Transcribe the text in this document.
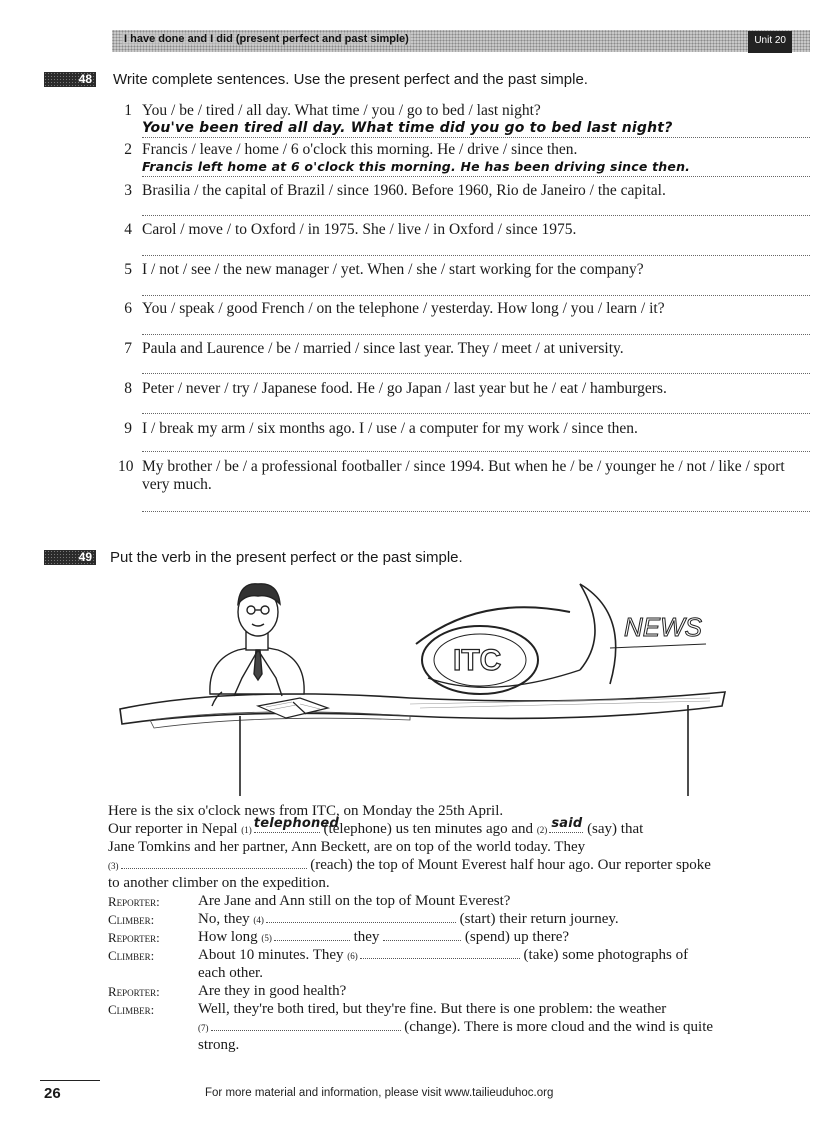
I have done and I did (present perfect and past simple)	Unit 20
48 Write complete sentences. Use the present perfect and the past simple.
1 You / be / tired / all day. What time / you / go to bed / last night?
You've been tired all day. What time did you go to bed last night?
2 Francis / leave / home / 6 o'clock this morning. He / drive / since then.
Francis left home at 6 o'clock this morning. He has been driving since then.
3 Brasilia / the capital of Brazil / since 1960. Before 1960, Rio de Janeiro / the capital.
4 Carol / move / to Oxford / in 1975. She / live / in Oxford / since 1975.
5 I / not / see / the new manager / yet. When / she / start working for the company?
6 You / speak / good French / on the telephone / yesterday. How long / you / learn / it?
7 Paula and Laurence / be / married / since last year. They / meet / at university.
8 Peter / never / try / Japanese food. He / go Japan / last year but he / eat / hamburgers.
9 I / break my arm / six months ago. I / use / a computer for my work / since then.
10 My brother / be / a professional footballer / since 1994. But when he / be / younger he / not / like / sport very much.
49 Put the verb in the present perfect or the past simple.
ITC
NEWS
Here is the six o'clock news from ITC, on Monday the 25th April.
Our reporter in Nepal (1) telephoned
(telephone) us ten minutes ago and (2) said (say) that
Jane Tomkins and her partner, Ann Beckett, are on top of the world today. They
(3)	(reach) the top of Mount Everest half hour ago. Our reporter spoke
to another climber on the expedition.
Reporter:	Are Jane and Ann still on the top of Mount Everest?
Climber:	No, they (4)	(start) their return journey.
Reporter:	How long (5)	they	(spend) up there?
Climber:	About 10 minutes. They (6)	(take) some photographs of
each other.
Reporter:	Are they in good health?
Climber:	Well, they're both tired, but they're fine. But there is one problem: the weather
(7)	(change). There is more cloud and the wind is quite
strong.
26	For more material and information, please visit www.tailieuduhoc.org
